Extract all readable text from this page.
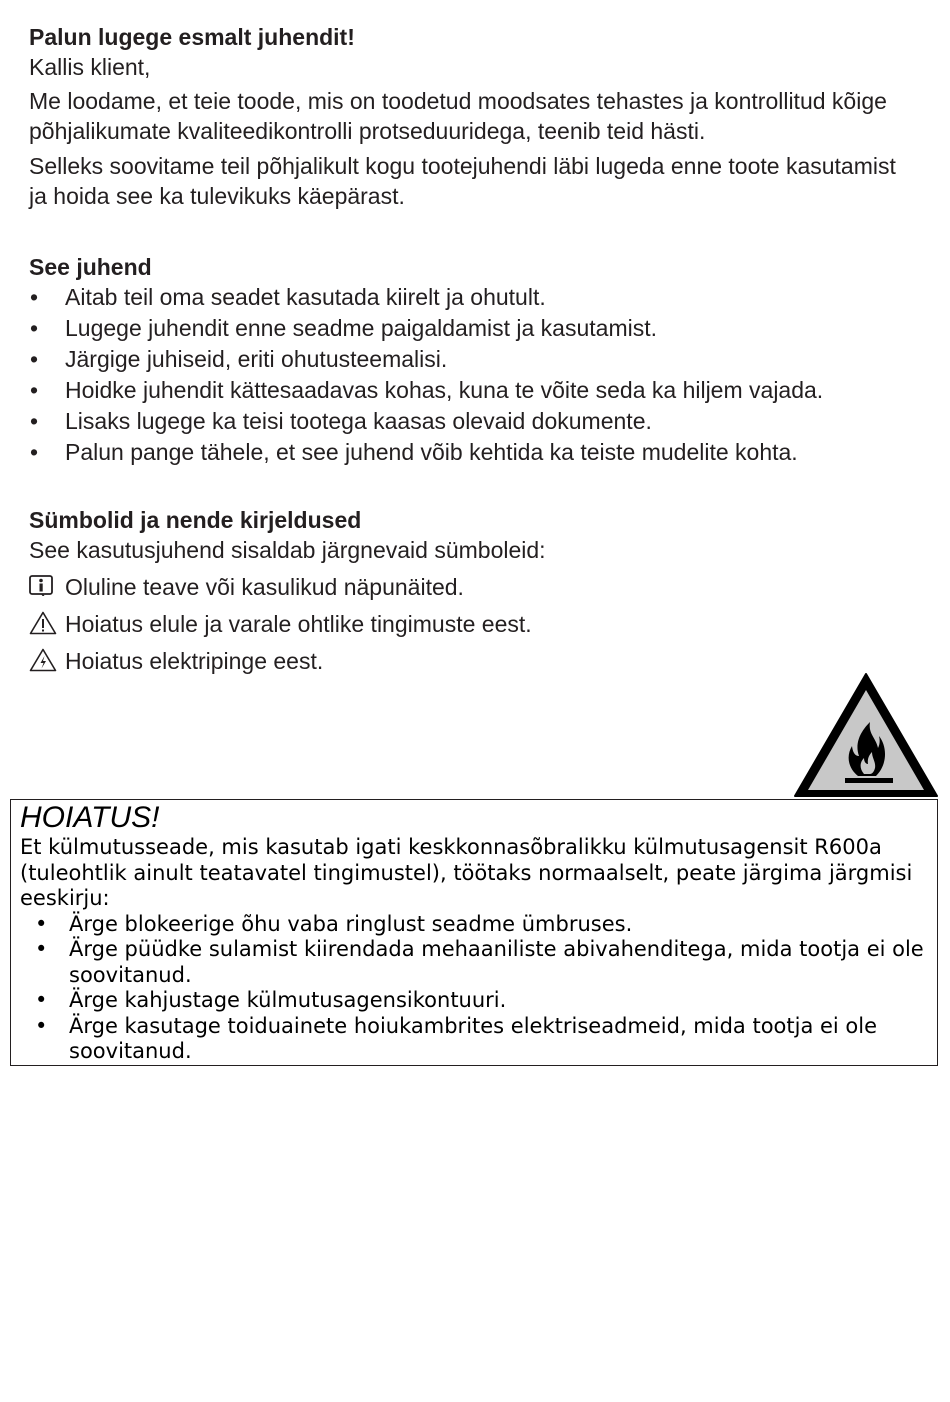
Palun lugege esmalt juhendit!

Kallis klient,

Me loodame, et teie toode, mis on toodetud moodsates tehastes ja kontrollitud kõige põhjalikumate kvaliteedikontrolli protseduuridega, teenib teid hästi.

Selleks soovitame teil põhjalikult kogu tootejuhendi läbi lugeda enne toote kasutamist ja hoida see ka tulevikuks käepärast.

See juhend

• Aitab teil oma seadet kasutada kiirelt ja ohutult.
• Lugege juhendit enne seadme paigaldamist ja kasutamist.
• Järgige juhiseid, eriti ohutusteemalisi.
• Hoidke juhendit kättesaadavas kohas, kuna te võite seda ka hiljem vajada.
• Lisaks lugege ka teisi tootega kaasas olevaid dokumente.
• Palun pange tähele, et see juhend võib kehtida ka teiste mudelite kohta.

Sümbolid ja nende kirjeldused

See kasutusjuhend sisaldab järgnevaid sümboleid:

Oluline teave või kasulikud näpunäited.
Hoiatus elule ja varale ohtlike tingimuste eest.
Hoiatus elektripinge eest.
HOIATUS!

Et külmutusseade, mis kasutab igati keskkonnasõbralikku külmutusagensit R600a (tuleohtlik ainult teatavatel tingimustel), töötaks normaalselt, peate järgima järgmisi eeskirju:

• Ärge blokeerige õhu vaba ringlust seadme ümbruses.
• Ärge püüdke sulamist kiirendada mehaaniliste abivahenditega, mida tootja ei ole soovitanud.
• Ärge kahjustage külmutusagensikontuuri.
• Ärge kasutage toiduainete hoiukambrites elektriseadmeid, mida tootja ei ole soovitanud.
